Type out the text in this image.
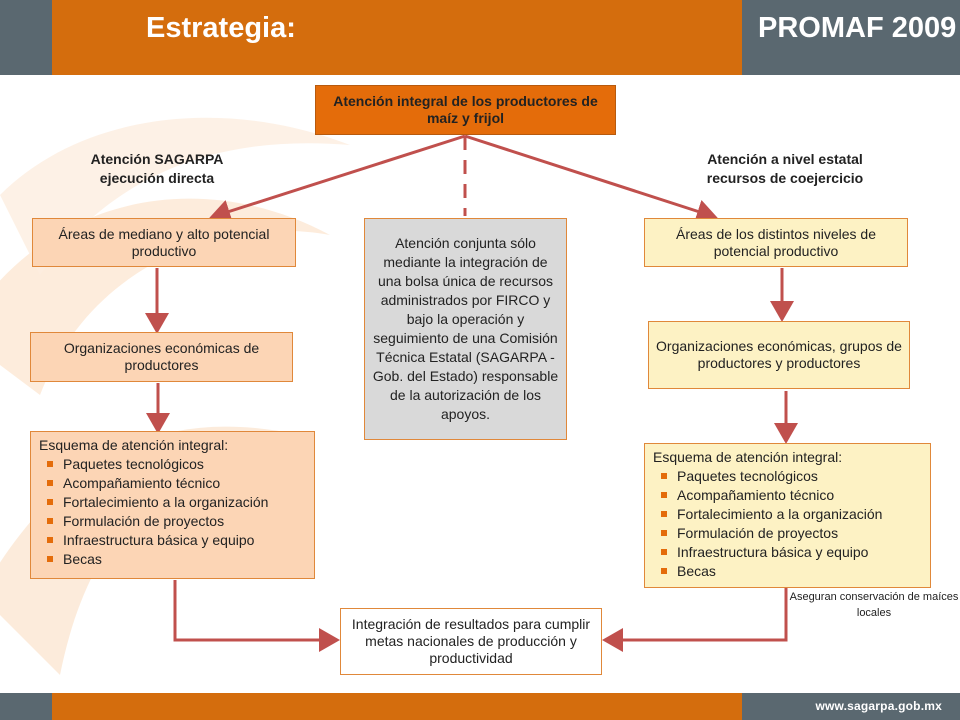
Estrategia:	PROMAF 2009
Atención integral de los productores de maíz y frijol
Atención SAGARPA ejecución directa
Atención a nivel estatal recursos de coejercicio
Áreas de mediano y alto potencial productivo
Organizaciones económicas de productores
Esquema de atención integral:
Paquetes tecnológicos
Acompañamiento técnico
Fortalecimiento a la organización
Formulación de proyectos
Infraestructura básica y equipo
Becas
Atención conjunta sólo mediante la integración de una bolsa única de recursos administrados por FIRCO y bajo la operación y seguimiento de una Comisión Técnica Estatal (SAGARPA - Gob. del Estado) responsable de la autorización de los apoyos.
Áreas de los distintos niveles de potencial productivo
Organizaciones económicas, grupos de productores y productores
Esquema de atención integral:
Paquetes tecnológicos
Acompañamiento técnico
Fortalecimiento a la organización
Formulación de proyectos
Infraestructura básica y equipo
Becas
Aseguran conservación de maíces locales
Integración de resultados para cumplir metas nacionales de producción y productividad
www.sagarpa.gob.mx
